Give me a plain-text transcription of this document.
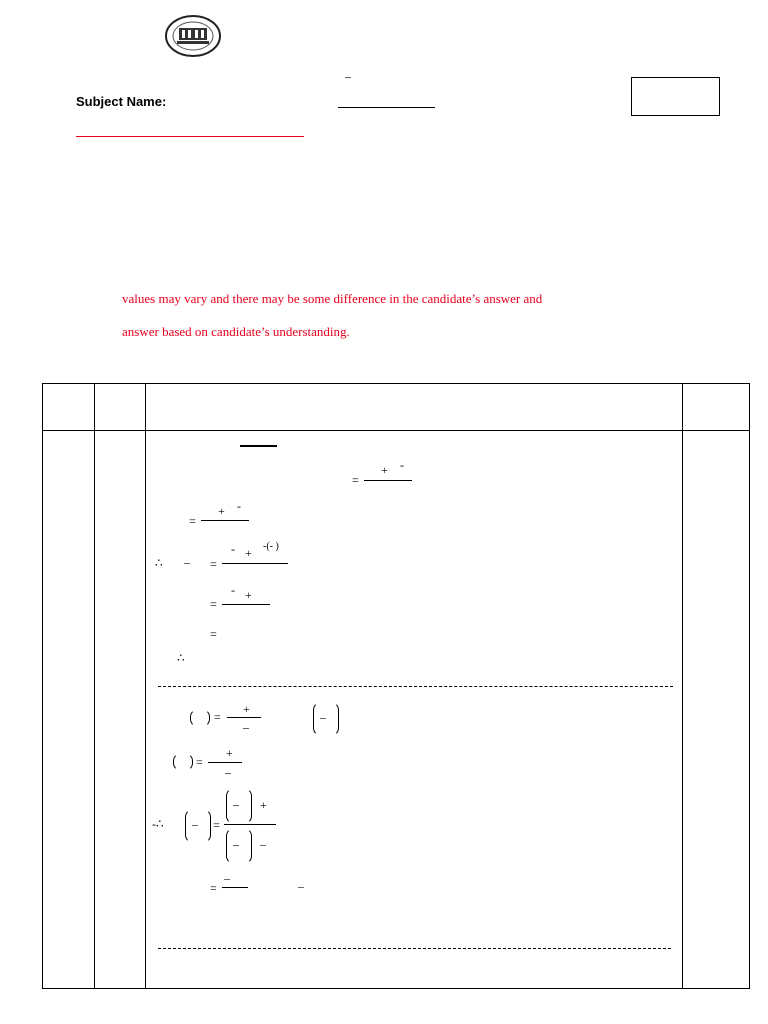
Subject Name:
–
values may vary and there may be some difference in the candidate’s answer and
answer based on candidate’s understanding.
=
+ -
=
+ -
∴ – =
- + -(- )
=
- +
=
∴
=
+
–
–
=
+
–
-∴ – =
– +
– –
=
–
–
